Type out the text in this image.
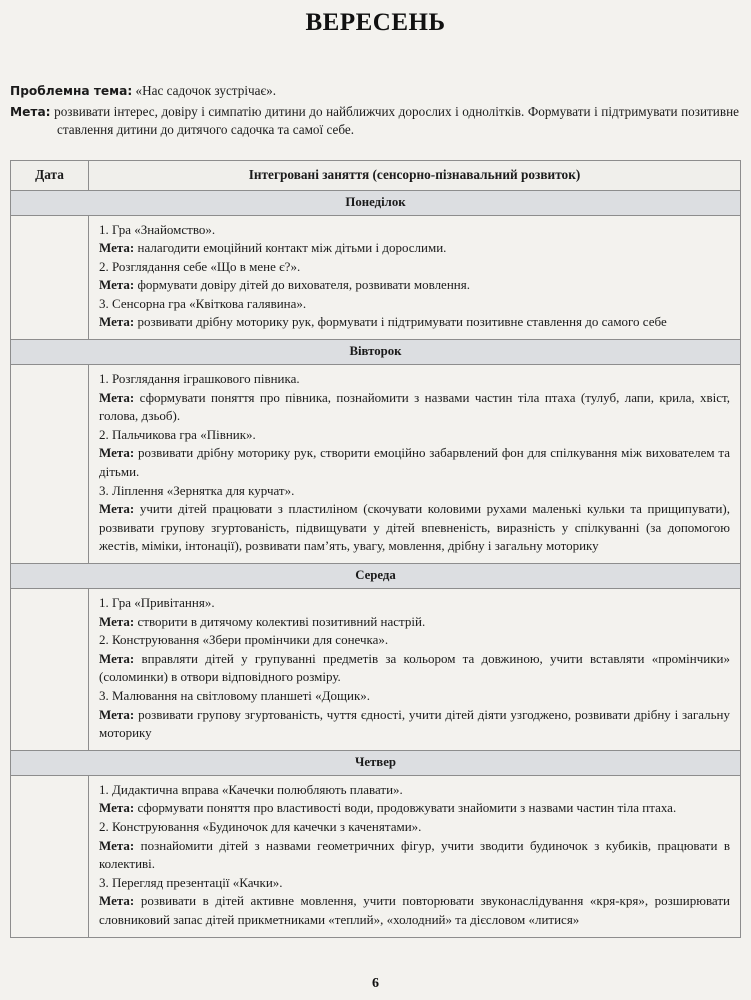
ВЕРЕСЕНЬ

Проблемна тема: «Нас садочок зустрічає».

Мета: розвивати інтерес, довіру і симпатію дитини до найближчих дорослих і однолітків. Формувати і підтримувати позитивне ставлення дитини до дитячого садочка та самої себе.

Дата	Інтегровані заняття (сенсорно-пізнавальний розвиток)
Понеділок	

1. Гра «Знайомство».

Мета: налагодити емоційний контакт між дітьми і дорослими.

2. Розглядання себе «Що в мене є?».

Мета: формувати довіру дітей до вихователя, розвивати мовлення.

3. Сенсорна гра «Квіткова галявина».

Мета: розвивати дрібну моторику рук, формувати і підтримувати позитивне ставлення до самого себе

Вівторок	

1. Розглядання іграшкового півника.

Мета: сформувати поняття про півника, познайомити з назвами частин тіла птаха (тулуб, лапи, крила, хвіст, голова, дзьоб).

2. Пальчикова гра «Півник».

Мета: розвивати дрібну моторику рук, створити емоційно забарвлений фон для спілкування між вихователем та дітьми.

3. Ліплення «Зернятка для курчат».

Мета: учити дітей працювати з пластиліном (скочувати коловими рухами маленькі кульки та прищипувати), розвивати групову згуртованість, підвищувати у дітей впевненість, виразність у спілкуванні (за допомогою жестів, міміки, інтонації), розвивати пам’ять, увагу, мовлення, дрібну і загальну моторику

Середа	

1. Гра «Привітання».

Мета: створити в дитячому колективі позитивний настрій.

2. Конструювання «Збери промінчики для сонечка».

Мета: вправляти дітей у групуванні предметів за кольором та довжиною, учити вставляти «промінчики» (соломинки) в отвори відповідного розміру.

3. Малювання на світловому планшеті «Дощик».

Мета: розвивати групову згуртованість, чуття єдності, учити дітей діяти узгоджено, розвивати дрібну і загальну моторику

Четвер	

1. Дидактична вправа «Качечки полюбляють плавати».

Мета: сформувати поняття про властивості води, продовжувати знайомити з назвами частин тіла птаха.

2. Конструювання «Будиночок для качечки з каченятами».

Мета: познайомити дітей з назвами геометричних фігур, учити зводити будиночок з кубиків, працювати в колективі.

3. Перегляд презентації «Качки».

Мета: розвивати в дітей активне мовлення, учити повторювати звуконаслідування «кря-кря», розширювати словниковий запас дітей прикметниками «теплий», «холодний» та дієсловом «литися»

6
